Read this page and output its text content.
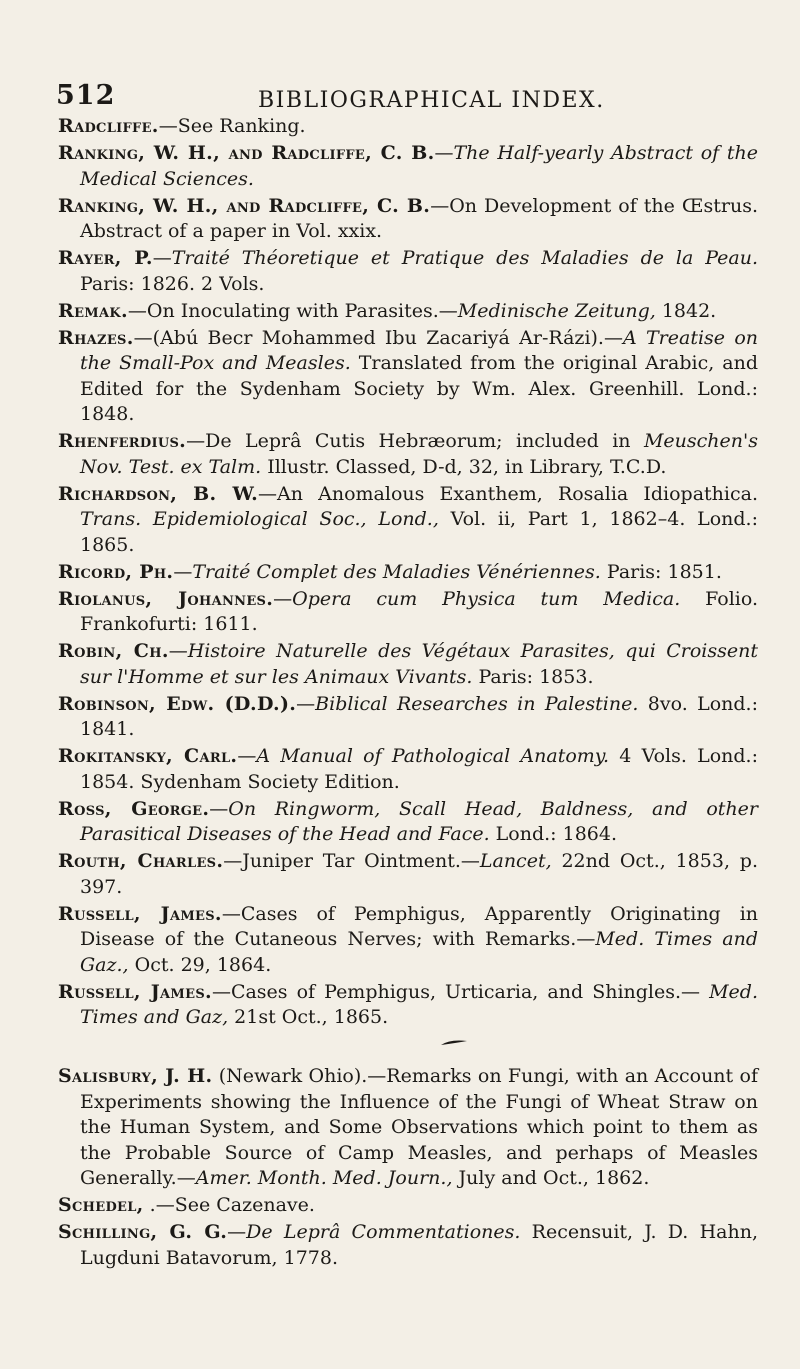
512	BIBLIOGRAPHICAL INDEX.

Radcliffe.—See Ranking.

Ranking, W. H., and Radcliffe, C. B.—The Half-yearly Abstract of the Medical Sciences.

Ranking, W. H., and Radcliffe, C. B.—On Development of the Œstrus. Abstract of a paper in Vol. xxix.

Rayer, P.—Traité Théoretique et Pratique des Maladies de la Peau. Paris: 1826. 2 Vols.

Remak.—On Inoculating with Parasites.—Medinische Zeitung, 1842.

Rhazes.—(Abú Becr Mohammed Ibu Zacariyá Ar-Rázi).—A Treatise on the Small-Pox and Measles. Translated from the original Arabic, and Edited for the Sydenham Society by Wm. Alex. Greenhill. Lond.: 1848.

Rhenferdius.—De Leprâ Cutis Hebræorum; included in Meuschen's Nov. Test. ex Talm. Illustr. Classed, D-d, 32, in Library, T.C.D.

Richardson, B. W.—An Anomalous Exanthem, Rosalia Idiopathica. Trans. Epidemiological Soc., Lond., Vol. ii, Part 1, 1862–4. Lond.: 1865.

Ricord, Ph.—Traité Complet des Maladies Vénériennes. Paris: 1851.

Riolanus, Johannes.—Opera cum Physica tum Medica. Folio. Frankofurti: 1611.

Robin, Ch.—Histoire Naturelle des Végétaux Parasites, qui Croissent sur l'Homme et sur les Animaux Vivants. Paris: 1853.

Robinson, Edw. (D.D.).—Biblical Researches in Palestine. 8vo. Lond.: 1841.

Rokitansky, Carl.—A Manual of Pathological Anatomy. 4 Vols. Lond.: 1854. Sydenham Society Edition.

Ross, George.—On Ringworm, Scall Head, Baldness, and other Parasitical Diseases of the Head and Face. Lond.: 1864.

Routh, Charles.—Juniper Tar Ointment.—Lancet, 22nd Oct., 1853, p. 397.

Russell, James.—Cases of Pemphigus, Apparently Originating in Disease of the Cutaneous Nerves; with Remarks.—Med. Times and Gaz., Oct. 29, 1864.

Russell, James.—Cases of Pemphigus, Urticaria, and Shingles.— Med. Times and Gaz, 21st Oct., 1865.

Salisbury, J. H. (Newark Ohio).—Remarks on Fungi, with an Account of Experiments showing the Influence of the Fungi of Wheat Straw on the Human System, and Some Observations which point to them as the Probable Source of Camp Measles, and perhaps of Measles Generally.—Amer. Month. Med. Journ., July and Oct., 1862.

Schedel, .—See Cazenave.

Schilling, G. G.—De Leprâ Commentationes. Recensuit, J. D. Hahn, Lugduni Batavorum, 1778.
